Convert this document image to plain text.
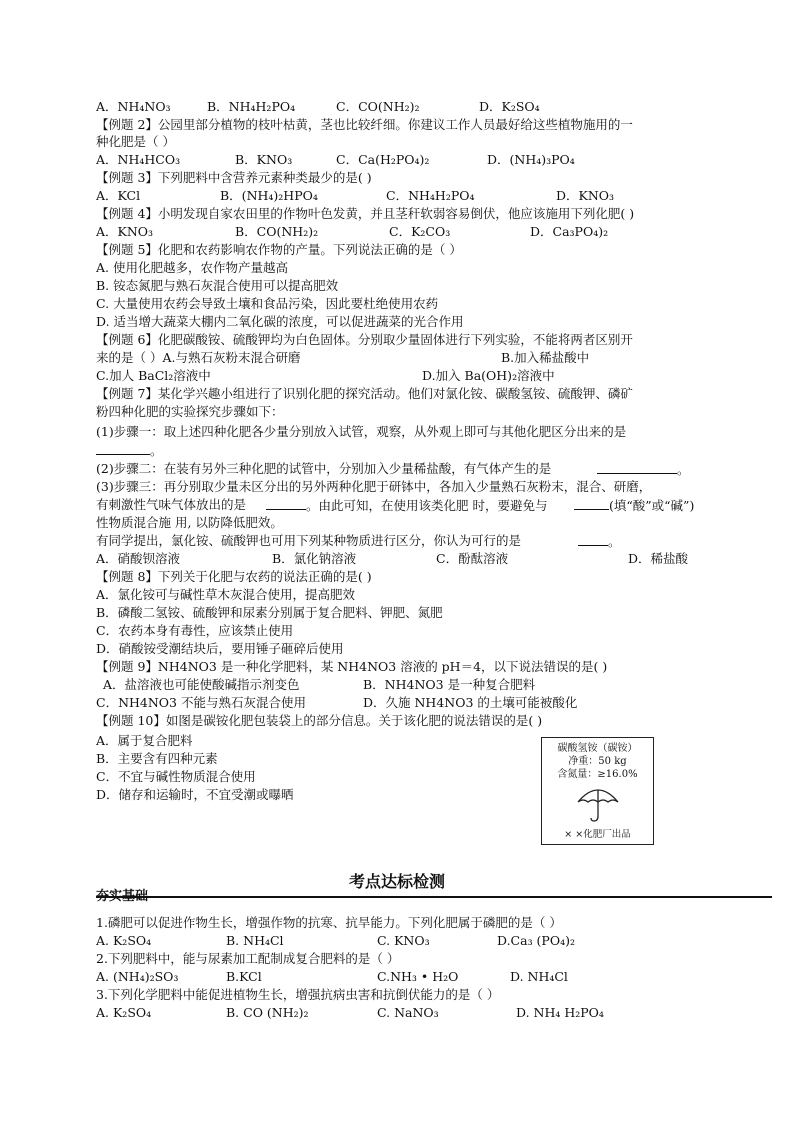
A．NH₄NO₃	B．NH₄H₂PO₄	C．CO(NH₂)₂	D．K₂SO₄
【例题 2】公园里部分植物的枝叶枯黄，茎也比较纤细。你建议工作人员最好给这些植物施用的一
种化肥是（ ）
A．NH₄HCO₃	B．KNO₃	C．Ca(H₂PO₄)₂	D．(NH₄)₃PO₄
【例题 3】下列肥料中含营养元素种类最少的是( )
A．KCl	B．(NH₄)₂HPO₄	C．NH₄H₂PO₄	D．KNO₃
【例题 4】小明发现自家农田里的作物叶色发黄，并且茎秆软弱容易倒伏，他应该施用下列化肥( )
A．KNO₃	B．CO(NH₂)₂	C．K₂CO₃	D．Ca₃PO₄)₂
【例题 5】化肥和农药影响农作物的产量。下列说法正确的是（ ）
A. 使用化肥越多，农作物产量越高
B. 铵态氮肥与熟石灰混合使用可以提高肥效
C. 大量使用农药会导致土壤和食品污染，因此要杜绝使用农药
D. 适当增大蔬菜大棚内二氧化碳的浓度，可以促进蔬菜的光合作用
【例题 6】化肥碳酸铵、硫酸钾均为白色固体。分别取少量固体进行下列实验，不能将两者区别开
来的是（ ）A.与熟石灰粉末混合研磨	B.加入稀盐酸中
C.加人 BaCl₂溶液中	D.加入 Ba(OH)₂溶液中
【例题 7】某化学兴趣小组进行了识别化肥的探究活动。他们对氯化铵、碳酸氢铵、硫酸钾、磷矿
粉四种化肥的实验探究步骤如下：
(1)步骤一：取上述四种化肥各少量分别放入试管，观察，从外观上即可与其他化肥区分出来的是
。
(2)步骤二：在装有另外三种化肥的试管中，分别加入少量稀盐酸，有气体产生的是	。
(3)步骤三：再分别取少量未区分出的另外两种化肥于研钵中，各加入少量熟石灰粉末，混合、研磨，
有刺激性气味气体放出的是	。由此可知，在使用该类化肥 时，要避免与	(填“酸”或“碱”)
性物质混合施 用, 以防降低肥效。
有同学提出，氯化铵、硫酸钾也可用下列某种物质进行区分，你认为可行的是	。
A．硝酸钡溶液	B．氯化钠溶液	C．酚酞溶液	D．稀盐酸
【例题 8】下列关于化肥与农药的说法正确的是( )
A．氯化铵可与碱性草木灰混合使用，提高肥效
B．磷酸二氢铵、硫酸钾和尿素分别属于复合肥料、钾肥、氮肥
C．农药本身有毒性，应该禁止使用
D．硝酸铵受潮结块后，要用锤子砸碎后使用
【例题 9】NH4NO3 是一种化学肥料，某 NH4NO3 溶液的 pH＝4，以下说法错误的是( )
A．盐溶液也可能使酸碱指示剂变色	B．NH4NO3 是一种复合肥料
C．NH4NO3 不能与熟石灰混合使用	D．久施 NH4NO3 的土壤可能被酸化
【例题 10】如图是碳铵化肥包装袋上的部分信息。关于该化肥的说法错误的是( )
A．属于复合肥料
B．主要含有四种元素
C．不宜与碱性物质混合使用
D．储存和运输时，不宜受潮或曝晒
1.磷肥可以促进作物生长，增强作物的抗寒、抗旱能力。下列化肥属于磷肥的是（ ）
A. K₂SO₄	B. NH₄Cl	C. KNO₃	D.Ca₃ (PO₄)₂
2.下列肥料中，能与尿素加工配制成复合肥料的是（ ）
A. (NH₄)₂SO₃	B.KCl	C.NH₃ • H₂O	D. NH₄Cl
3.下列化学肥料中能促进植物生长，增强抗病虫害和抗倒伏能力的是（ ）
A. K₂SO₄	B. CO (NH₂)₂	C. NaNO₃	D. NH₄ H₂PO₄
碳酸氢铵（碳铵）
净重：50 kg
含氮量：≥16.0%
× ×化肥厂出品
考点达标检测
夯实基础
